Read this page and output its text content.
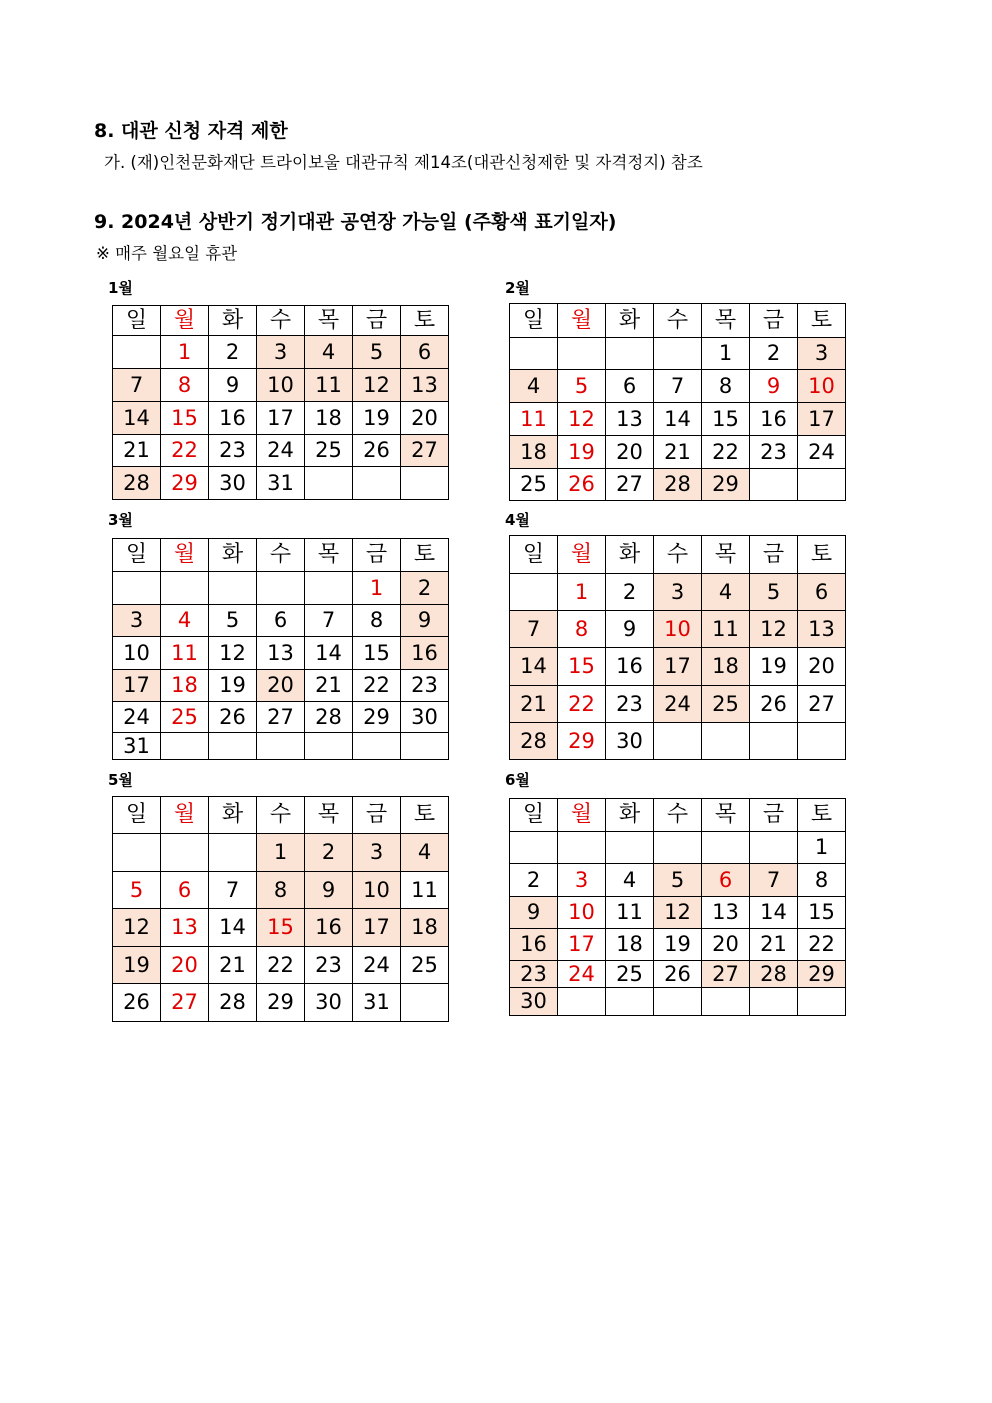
8. 대관 신청 자격 제한
가. (재)인천문화재단 트라이보울 대관규칙 제14조(대관신청제한 및 자격정지) 참조
9. 2024년 상반기 정기대관 공연장 가능일 (주황색 표기일자)
※ 매주 월요일 휴관
1월
일	월	화	수	목	금	토
	1	2	3	4	5	6
7	8	9	10	11	12	13
14	15	16	17	18	19	20
21	22	23	24	25	26	27
28	29	30	31			
2월
일	월	화	수	목	금	토
				1	2	3
4	5	6	7	8	9	10
11	12	13	14	15	16	17
18	19	20	21	22	23	24
25	26	27	28	29		
3월
일	월	화	수	목	금	토
					1	2
3	4	5	6	7	8	9
10	11	12	13	14	15	16
17	18	19	20	21	22	23
24	25	26	27	28	29	30
31						
4월
일	월	화	수	목	금	토
	1	2	3	4	5	6
7	8	9	10	11	12	13
14	15	16	17	18	19	20
21	22	23	24	25	26	27
28	29	30				
5월
일	월	화	수	목	금	토
			1	2	3	4
5	6	7	8	9	10	11
12	13	14	15	16	17	18
19	20	21	22	23	24	25
26	27	28	29	30	31	
6월
일	월	화	수	목	금	토
						1
2	3	4	5	6	7	8
9	10	11	12	13	14	15
16	17	18	19	20	21	22
23	24	25	26	27	28	29
30						
